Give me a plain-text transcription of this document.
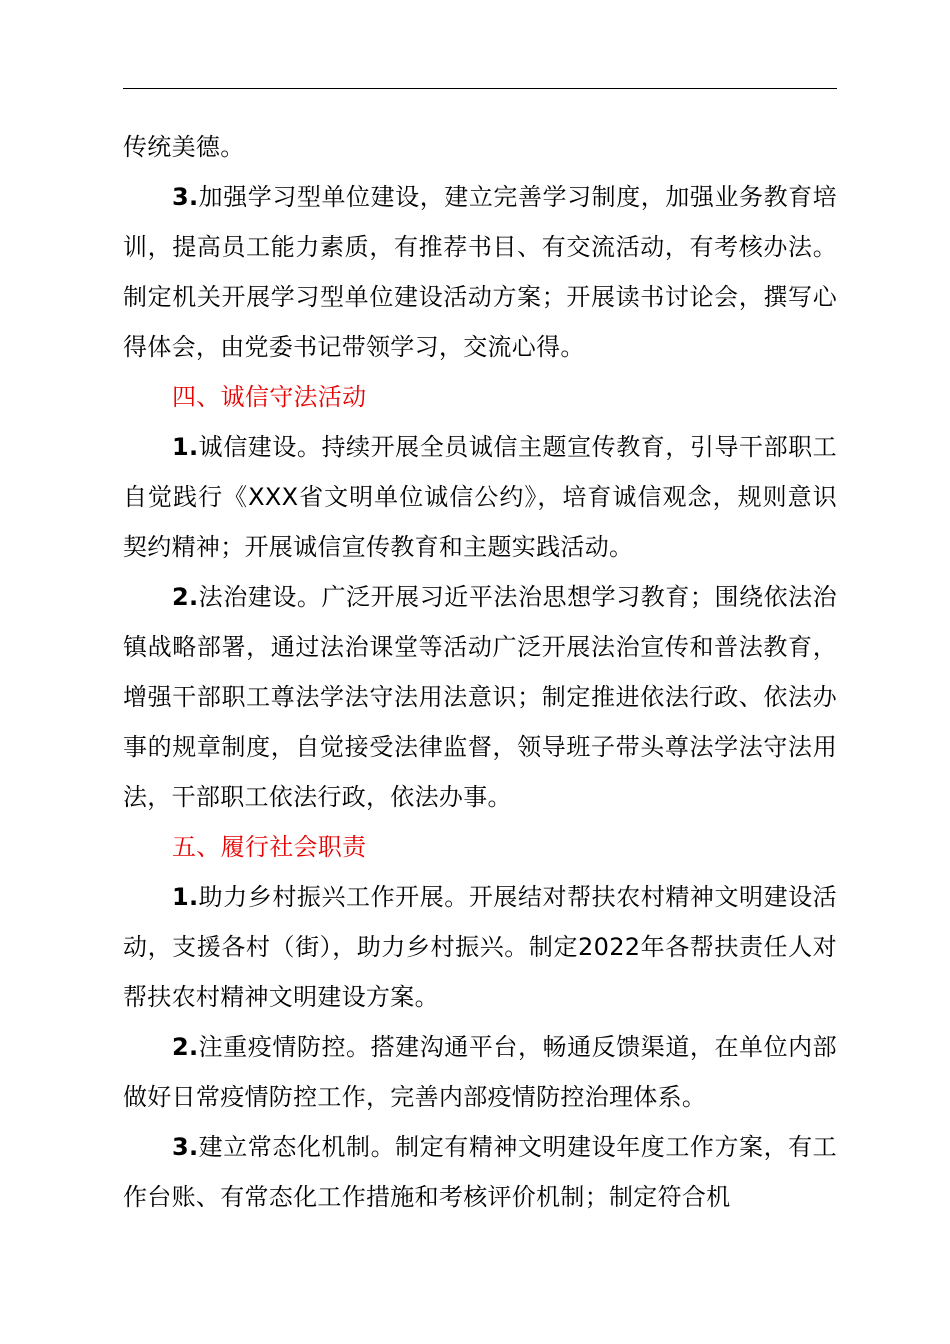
传统美德。

3.加强学习型单位建设，建立完善学习制度，加强业务教育培训，提高员工能力素质，有推荐书目、有交流活动，有考核办法。制定机关开展学习型单位建设活动方案；开展读书讨论会，撰写心得体会，由党委书记带领学习，交流心得。

四、诚信守法活动

1.诚信建设。持续开展全员诚信主题宣传教育，引导干部职工自觉践行《XXX省文明单位诚信公约》，培育诚信观念，规则意识契约精神；开展诚信宣传教育和主题实践活动。

2.法治建设。广泛开展习近平法治思想学习教育；围绕依法治镇战略部署，通过法治课堂等活动广泛开展法治宣传和普法教育，增强干部职工尊法学法守法用法意识；制定推进依法行政、依法办事的规章制度，自觉接受法律监督，领导班子带头尊法学法守法用法，干部职工依法行政，依法办事。

五、履行社会职责

1.助力乡村振兴工作开展。开展结对帮扶农村精神文明建设活动，支援各村（街），助力乡村振兴。制定2022年各帮扶责任人对帮扶农村精神文明建设方案。

2.注重疫情防控。搭建沟通平台，畅通反馈渠道，在单位内部做好日常疫情防控工作，完善内部疫情防控治理体系。

3.建立常态化机制。制定有精神文明建设年度工作方案，有工作台账、有常态化工作措施和考核评价机制；制定符合机
